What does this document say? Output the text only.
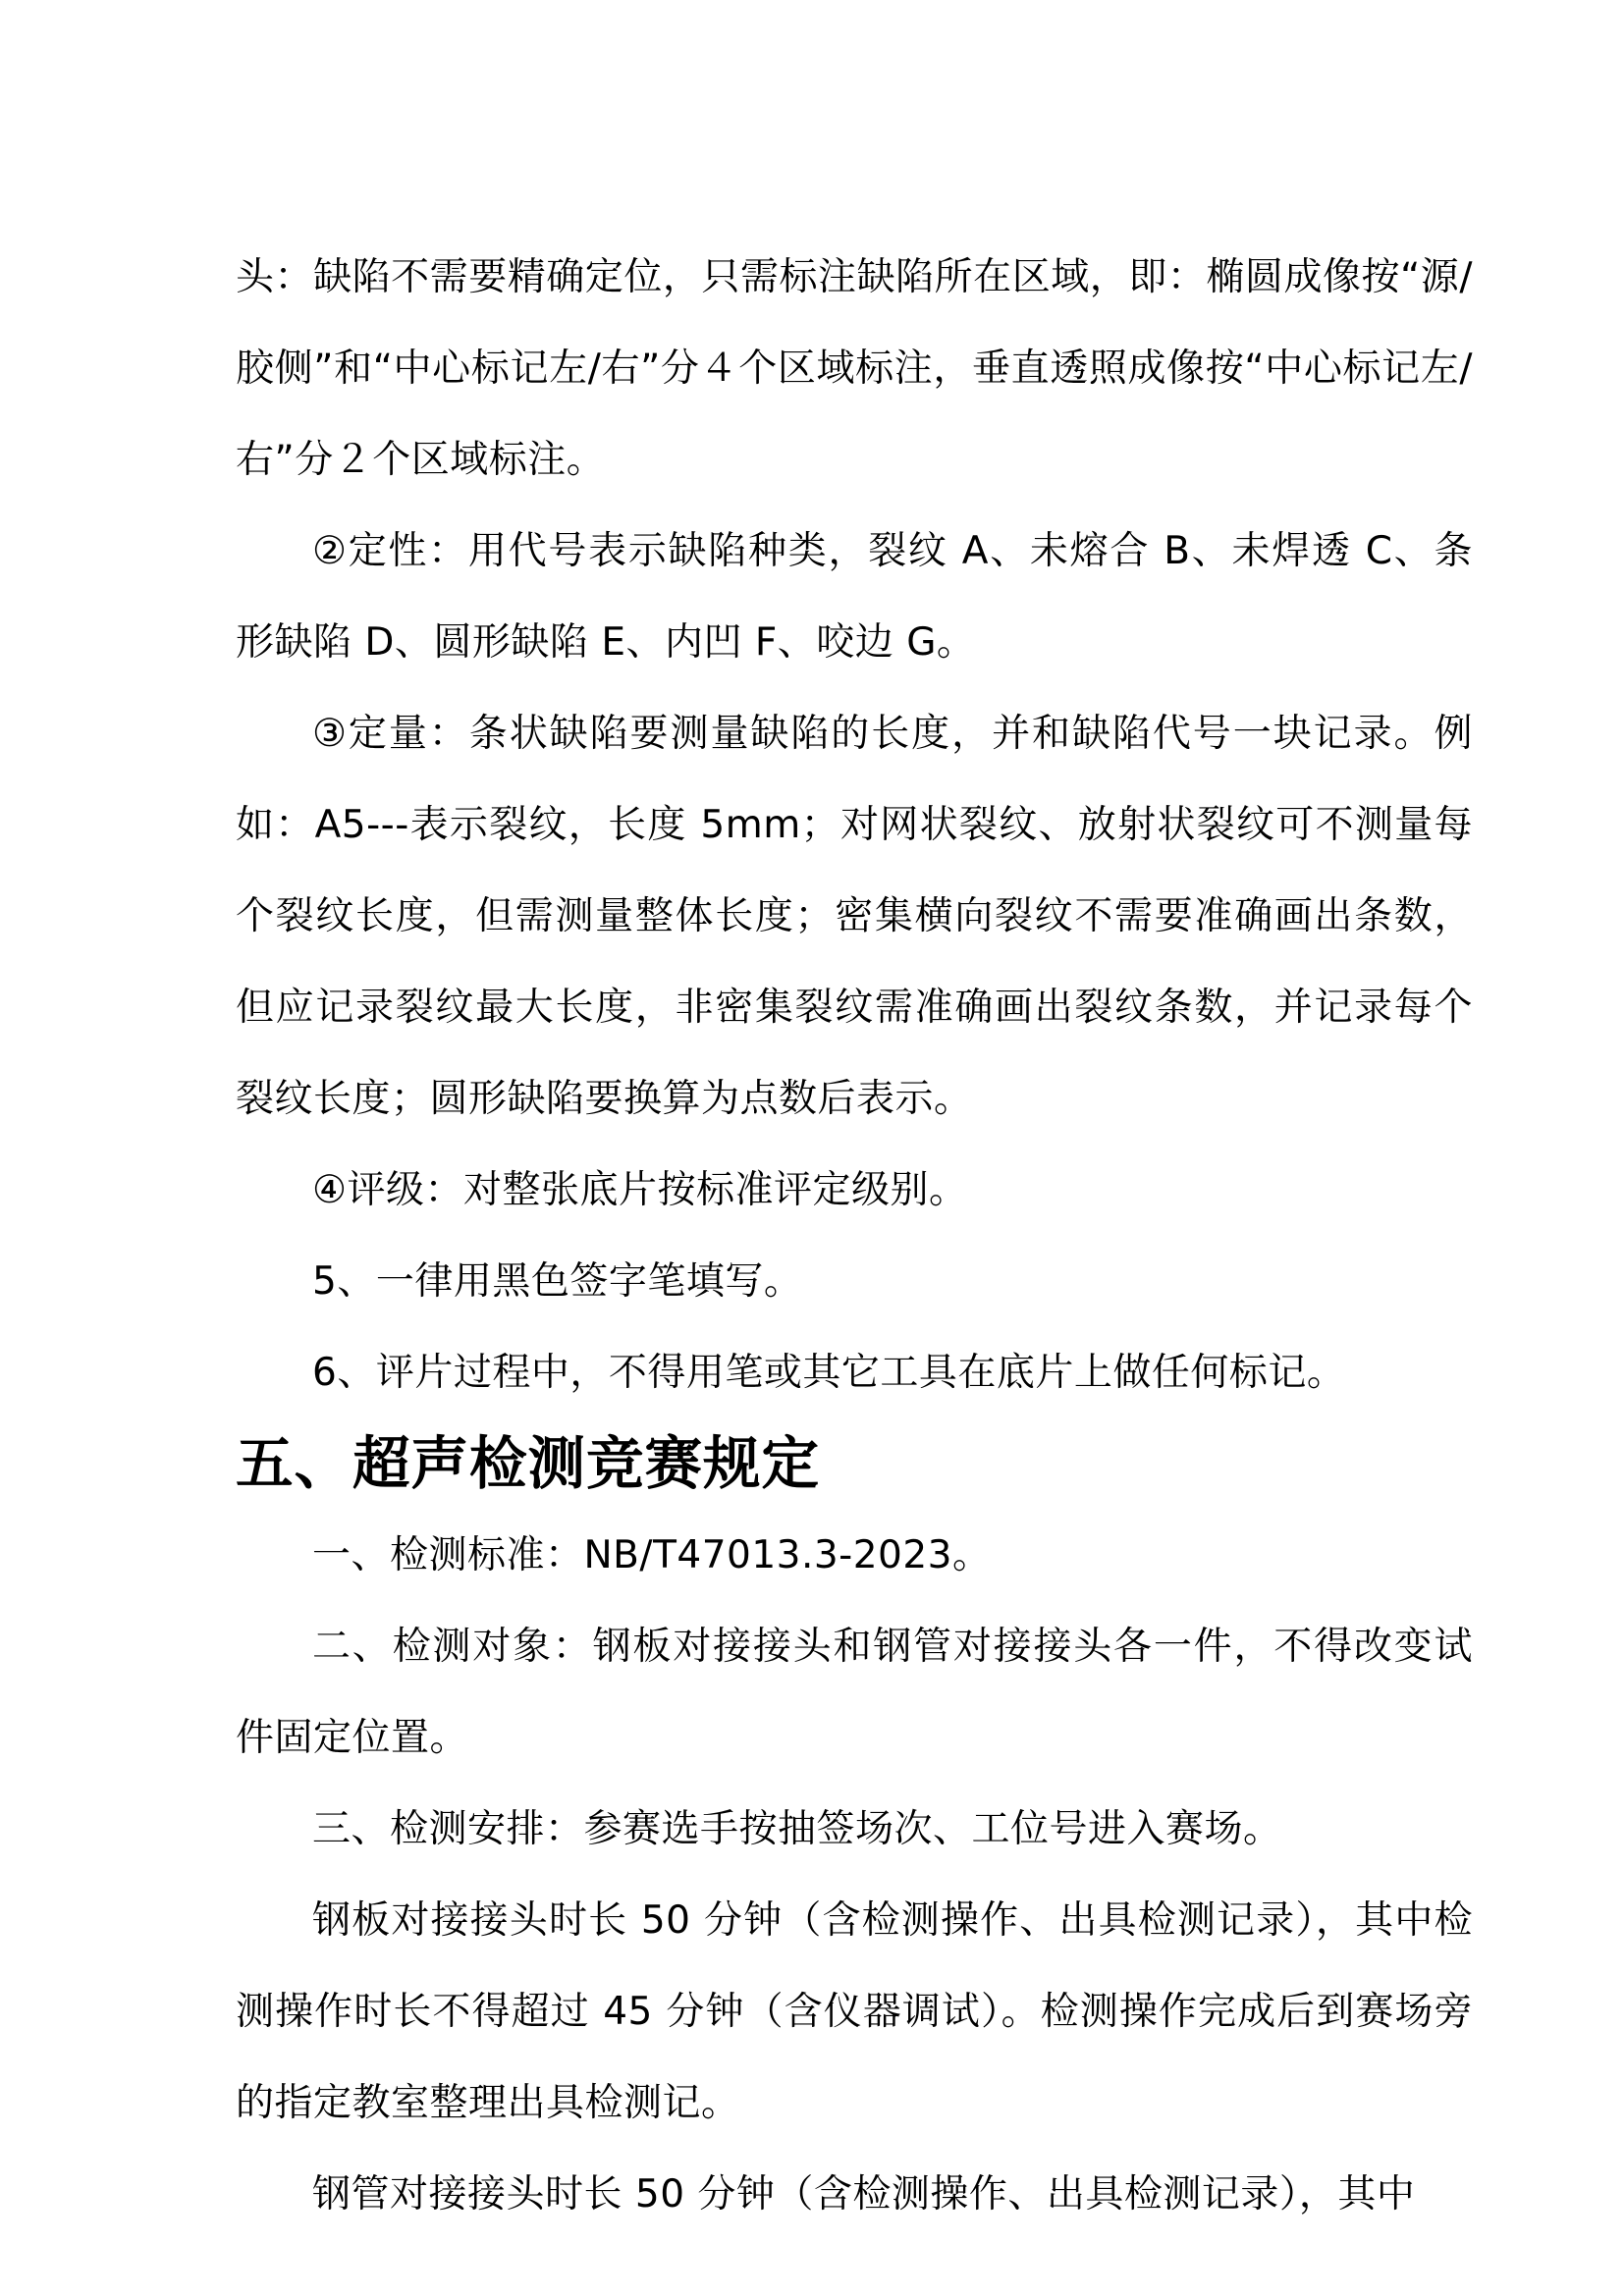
头：缺陷不需要精确定位，只需标注缺陷所在区域，即：椭圆成像按“源/胶侧”和“中心标记左/右”分４个区域标注，垂直透照成像按“中心标记左/右”分２个区域标注。

②定性：用代号表示缺陷种类，裂纹 A、未熔合 B、未焊透 C、条形缺陷 D、圆形缺陷 E、内凹 F、咬边 G。

③定量：条状缺陷要测量缺陷的长度，并和缺陷代号一块记录。例如：A5---表示裂纹，长度 5mm；对网状裂纹、放射状裂纹可不测量每个裂纹长度，但需测量整体长度；密集横向裂纹不需要准确画出条数，但应记录裂纹最大长度，非密集裂纹需准确画出裂纹条数，并记录每个裂纹长度；圆形缺陷要换算为点数后表示。

④评级：对整张底片按标准评定级别。

5、一律用黑色签字笔填写。

6、评片过程中，不得用笔或其它工具在底片上做任何标记。

五、超声检测竞赛规定

一、检测标准：NB/T47013.3-2023。

二、检测对象：钢板对接接头和钢管对接接头各一件，不得改变试件固定位置。

三、检测安排：参赛选手按抽签场次、工位号进入赛场。

钢板对接接头时长 50 分钟（含检测操作、出具检测记录），其中检测操作时长不得超过 45 分钟（含仪器调试）。检测操作完成后到赛场旁的指定教室整理出具检测记。

钢管对接接头时长 50 分钟（含检测操作、出具检测记录），其中
